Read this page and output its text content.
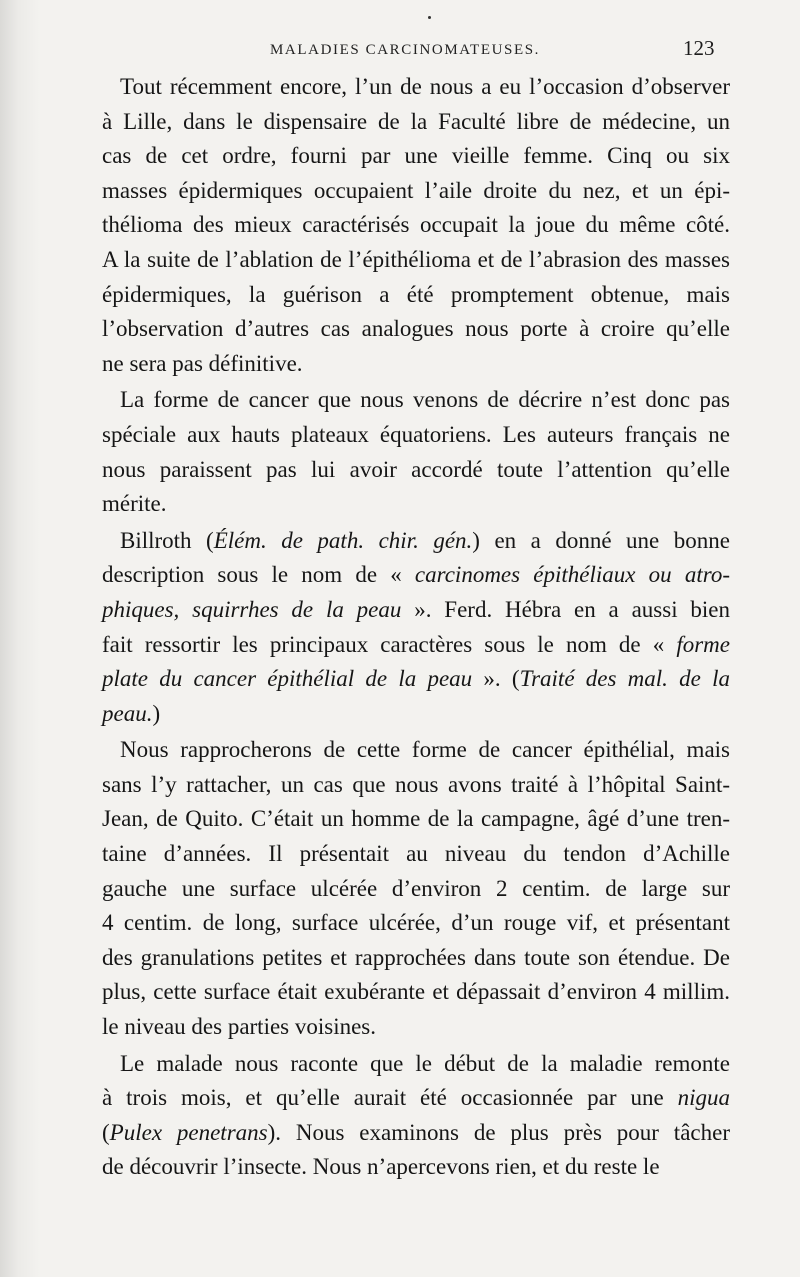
MALADIES CARCINOMATEUSES.	123
Tout récemment encore, l’un de nous a eu l’occasion d’observer
à Lille, dans le dispensaire de la Faculté libre de médecine, un
cas de cet ordre, fourni par une vieille femme. Cinq ou six
masses épidermiques occupaient l’aile droite du nez, et un épi-
thélioma des mieux caractérisés occupait la joue du même côté.
A la suite de l’ablation de l’épithélioma et de l’abrasion des masses
épidermiques, la guérison a été promptement obtenue, mais
l’observation d’autres cas analogues nous porte à croire qu’elle
ne sera pas définitive.
La forme de cancer que nous venons de décrire n’est donc pas
spéciale aux hauts plateaux équatoriens. Les auteurs français ne
nous paraissent pas lui avoir accordé toute l’attention qu’elle
mérite.
Billroth (Élém. de path. chir. gén.) en a donné une bonne
description sous le nom de « carcinomes épithéliaux ou atro-
phiques, squirrhes de la peau ». Ferd. Hébra en a aussi bien
fait ressortir les principaux caractères sous le nom de « forme
plate du cancer épithélial de la peau ». (Traité des mal. de la
peau.)
Nous rapprocherons de cette forme de cancer épithélial, mais
sans l’y rattacher, un cas que nous avons traité à l’hôpital Saint-
Jean, de Quito. C’était un homme de la campagne, âgé d’une tren-
taine d’années. Il présentait au niveau du tendon d’Achille
gauche une surface ulcérée d’environ 2 centim. de large sur
4 centim. de long, surface ulcérée, d’un rouge vif, et présentant
des granulations petites et rapprochées dans toute son étendue. De
plus, cette surface était exubérante et dépassait d’environ 4 millim.
le niveau des parties voisines.
Le malade nous raconte que le début de la maladie remonte
à trois mois, et qu’elle aurait été occasionnée par une nigua
(Pulex penetrans). Nous examinons de plus près pour tâcher
de découvrir l’insecte. Nous n’apercevons rien, et du reste le
